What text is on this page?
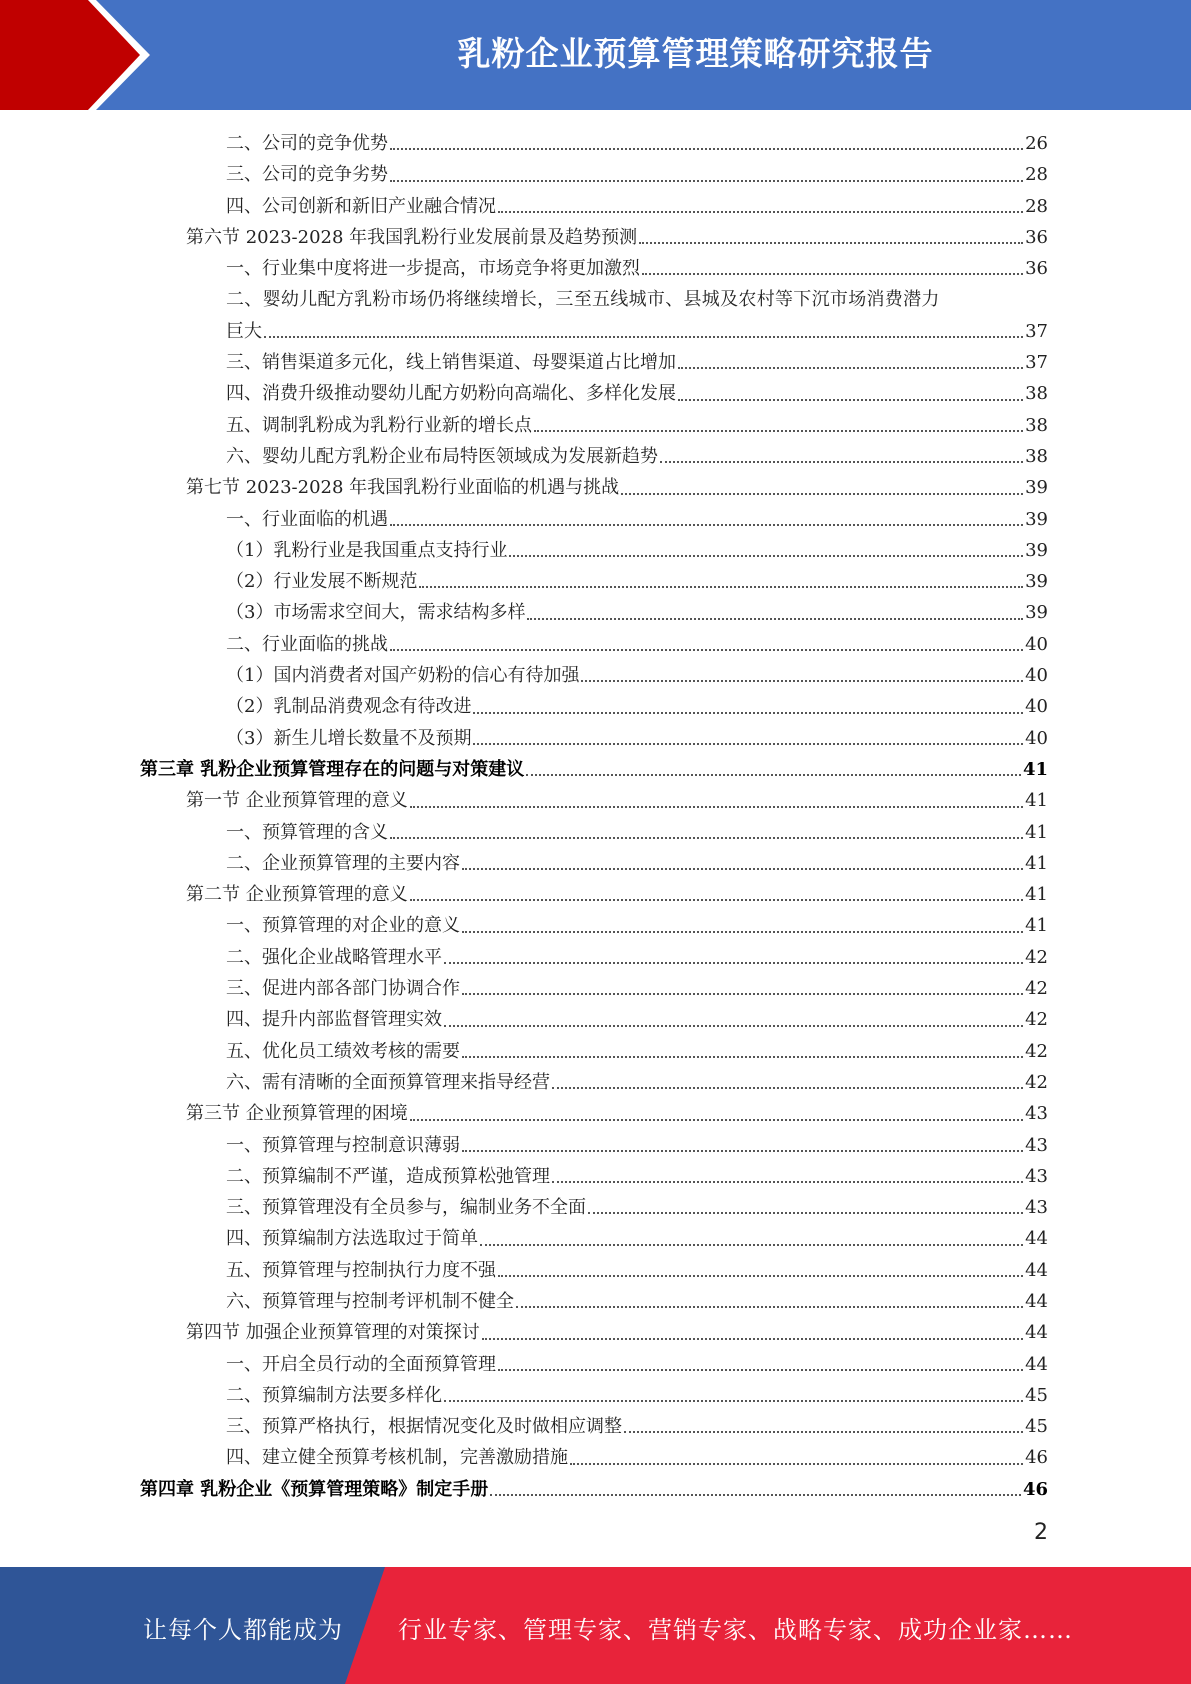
乳粉企业预算管理策略研究报告
二、公司的竞争优势	26
三、公司的竞争劣势	28
四、公司创新和新旧产业融合情况	28
第六节 2023-2028 年我国乳粉行业发展前景及趋势预测	36
一、行业集中度将进一步提高，市场竞争将更加激烈	36
二、婴幼儿配方乳粉市场仍将继续增长，三至五线城市、县城及农村等下沉市场消费潜力
巨大	37
三、销售渠道多元化，线上销售渠道、母婴渠道占比增加	37
四、消费升级推动婴幼儿配方奶粉向高端化、多样化发展	38
五、调制乳粉成为乳粉行业新的增长点	38
六、婴幼儿配方乳粉企业布局特医领域成为发展新趋势	38
第七节 2023-2028 年我国乳粉行业面临的机遇与挑战	39
一、行业面临的机遇	39
（1）乳粉行业是我国重点支持行业	39
（2）行业发展不断规范	39
（3）市场需求空间大，需求结构多样	39
二、行业面临的挑战	40
（1）国内消费者对国产奶粉的信心有待加强	40
（2）乳制品消费观念有待改进	40
（3）新生儿增长数量不及预期	40
第三章 乳粉企业预算管理存在的问题与对策建议	41
第一节 企业预算管理的意义	41
一、预算管理的含义	41
二、企业预算管理的主要内容	41
第二节 企业预算管理的意义	41
一、预算管理的对企业的意义	41
二、强化企业战略管理水平	42
三、促进内部各部门协调合作	42
四、提升内部监督管理实效	42
五、优化员工绩效考核的需要	42
六、需有清晰的全面预算管理来指导经营	42
第三节 企业预算管理的困境	43
一、预算管理与控制意识薄弱	43
二、预算编制不严谨，造成预算松弛管理	43
三、预算管理没有全员参与，编制业务不全面	43
四、预算编制方法选取过于简单	44
五、预算管理与控制执行力度不强	44
六、预算管理与控制考评机制不健全	44
第四节 加强企业预算管理的对策探讨	44
一、开启全员行动的全面预算管理	44
二、预算编制方法要多样化	45
三、预算严格执行，根据情况变化及时做相应调整	45
四、建立健全预算考核机制，完善激励措施	46
第四章 乳粉企业《预算管理策略》制定手册	46
2
让每个人都能成为 行业专家、管理专家、营销专家、战略专家、成功企业家……
